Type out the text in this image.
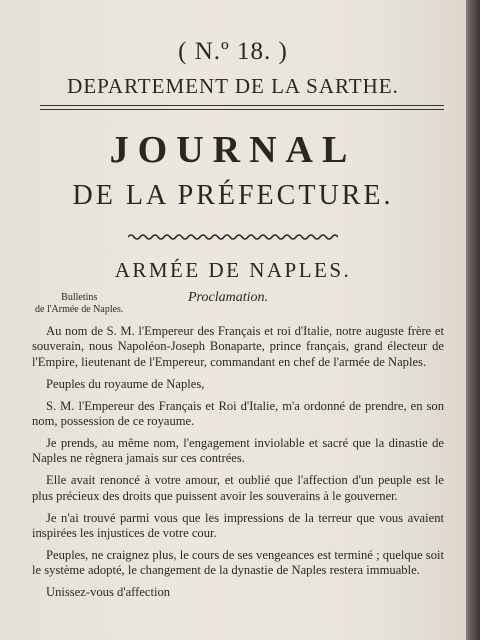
( N.º 18. )
DEPARTEMENT DE LA SARTHE.
JOURNAL
DE LA PRÉFECTURE.
ARMÉE DE NAPLES.
Bulletins
de l'Armée de Naples.
Proclamation.

Au nom de S. M. l'Empereur des Français et roi d'Italie, notre auguste frère et souverain, nous Napoléon-Joseph Bonaparte, prince français, grand électeur de l'Empire, lieutenant de l'Empereur, commandant en chef de l'armée de Naples.

Peuples du royaume de Naples,

S. M. l'Empereur des Français et Roi d'Italie, m'a ordonné de prendre, en son nom, possession de ce royaume.

Je prends, au même nom, l'engagement inviolable et sacré que la dinastie de Naples ne règnera jamais sur ces contrées.

Elle avait renoncé à votre amour, et oublié que l'affection d'un peuple est le plus précieux des droits que puissent avoir les souverains à le gouverner.

Je n'ai trouvé parmi vous que les impressions de la terreur que vous avaient inspirées les injustices de votre cour.

Peuples, ne craignez plus, le cours de ses vengeances est terminé ; quelque soit le système adopté, le changement de la dynastie de Naples restera immuable.

Unissez-vous d'affection
